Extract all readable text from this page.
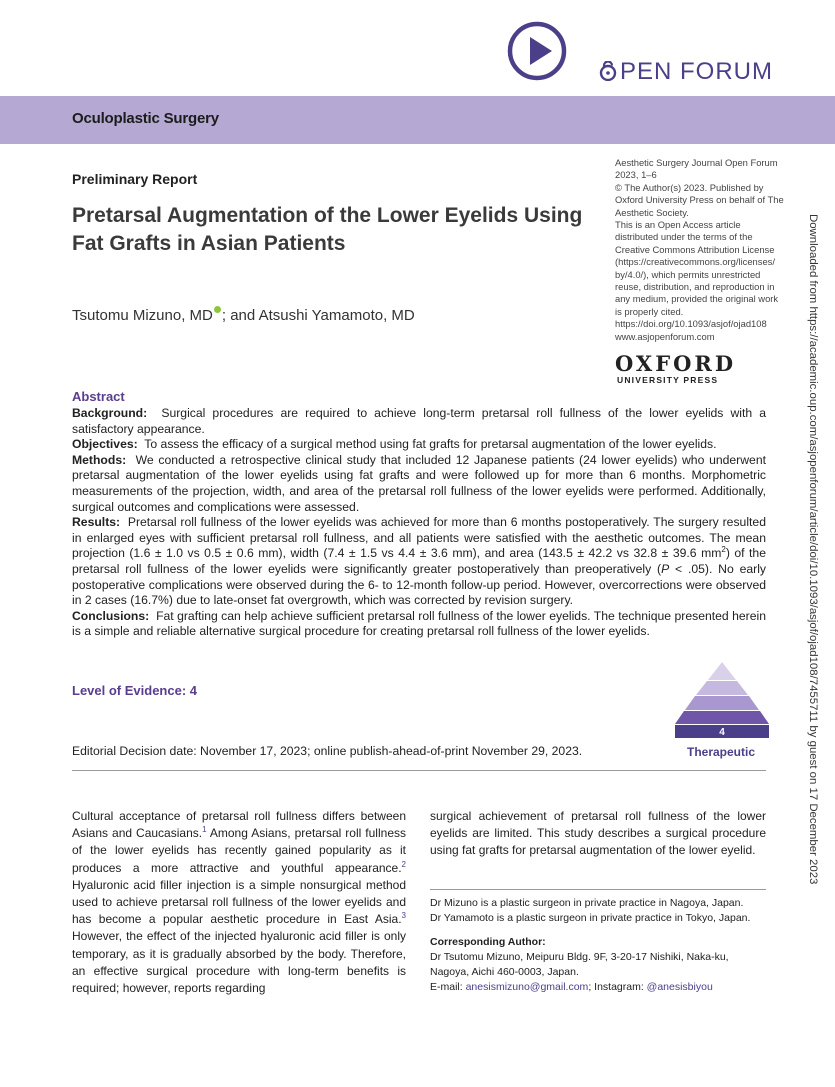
PEN FORUM
Oculoplastic Surgery
Preliminary Report
Pretarsal Augmentation of the Lower Eyelids Using Fat Grafts in Asian Patients
Tsutomu Mizuno, MD ; and Atsushi Yamamoto, MD
Aesthetic Surgery Journal Open Forum
2023, 1–6
© The Author(s) 2023. Published by
Oxford University Press on behalf of The
Aesthetic Society.
This is an Open Access article
distributed under the terms of the
Creative Commons Attribution License
(https://creativecommons.org/licenses/
by/4.0/), which permits unrestricted
reuse, distribution, and reproduction in
any medium, provided the original work
is properly cited.
https://doi.org/10.1093/asjof/ojad108
www.asjopenforum.com
OXFORD
UNIVERSITY PRESS
Abstract

Background: Surgical procedures are required to achieve long-term pretarsal roll fullness of the lower eyelids with a satisfactory appearance.

Objectives: To assess the efficacy of a surgical method using fat grafts for pretarsal augmentation of the lower eyelids.

Methods: We conducted a retrospective clinical study that included 12 Japanese patients (24 lower eyelids) who underwent pretarsal augmentation of the lower eyelids using fat grafts and were followed up for more than 6 months. Morphometric measurements of the projection, width, and area of the pretarsal roll fullness of the lower eyelids were performed. Additionally, surgical outcomes and complications were assessed.

Results: Pretarsal roll fullness of the lower eyelids was achieved for more than 6 months postoperatively. The surgery resulted in enlarged eyes with sufficient pretarsal roll fullness, and all patients were satisfied with the aesthetic outcomes. The mean projection (1.6 ± 1.0 vs 0.5 ± 0.6 mm), width (7.4 ± 1.5 vs 4.4 ± 3.6 mm), and area (143.5 ± 42.2 vs 32.8 ± 39.6 $mm^2$) of the pretarsal roll fullness of the lower eyelids were significantly greater postoperatively than preoperatively (P < .05). No early postoperative complications were observed during the 6- to 12-month follow-up period. However, overcorrections were observed in 2 cases (16.7%) due to late-onset fat overgrowth, which was corrected by revision surgery.

Conclusions: Fat grafting can help achieve sufficient pretarsal roll fullness of the lower eyelids. The technique presented herein is a simple and reliable alternative surgical procedure for creating pretarsal roll fullness of the lower eyelids.

Level of Evidence: 4
4
Therapeutic
Editorial Decision date: November 17, 2023; online publish-ahead-of-print November 29, 2023.

Cultural acceptance of pretarsal roll fullness differs between Asians and Caucasians.$^1$ Among Asians, pretarsal roll fullness of the lower eyelids has recently gained popularity as it produces a more attractive and youthful appearance.$^2$ Hyaluronic acid filler injection is a simple nonsurgical method used to achieve pretarsal roll fullness of the lower eyelids and has become a popular aesthetic procedure in East Asia.$^3$ However, the effect of the injected hyaluronic acid filler is only temporary, as it is gradually absorbed by the body. Therefore, an effective surgical procedure with long-term benefits is required; however, reports regarding

surgical achievement of pretarsal roll fullness of the lower eyelids are limited. This study describes a surgical procedure using fat grafts for pretarsal augmentation of the lower eyelid.

Dr Mizuno is a plastic surgeon in private practice in Nagoya, Japan.
Dr Yamamoto is a plastic surgeon in private practice in Tokyo, Japan.
Corresponding Author:
Dr Tsutomu Mizuno, Meipuru Bldg. 9F, 3-20-17 Nishiki, Naka-ku,
Nagoya, Aichi 460-0003, Japan.
E-mail: anesismizuno@gmail.com; Instagram: @anesisbiyou
Downloaded from https://academic.oup.com/asjopenforum/article/doi/10.1093/asjof/ojad108/7455711 by guest on 17 December 2023
